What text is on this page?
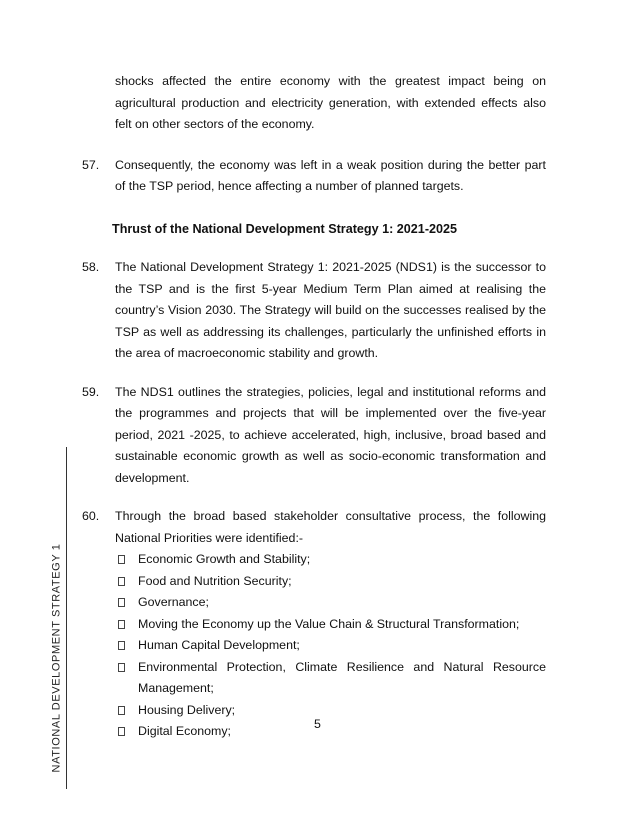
NATIONAL DEVELOPMENT STRATEGY 1

shocks affected the entire economy with the greatest impact being on agricultural production and electricity generation, with extended effects also felt on other sectors of the economy.

57. Consequently, the economy was left in a weak position during the better part of the TSP period, hence affecting a number of planned targets.

Thrust of the National Development Strategy 1: 2021-2025

58. The National Development Strategy 1: 2021-2025 (NDS1) is the successor to the TSP and is the first 5-year Medium Term Plan aimed at realising the country’s Vision 2030. The Strategy will build on the successes realised by the TSP as well as addressing its challenges, particularly the unfinished efforts in the area of macroeconomic stability and growth.

59. The NDS1 outlines the strategies, policies, legal and institutional reforms and the programmes and projects that will be implemented over the five-year period, 2021 -2025, to achieve accelerated, high, inclusive, broad based and sustainable economic growth as well as socio-economic transformation and development.

60. Through the broad based stakeholder consultative process, the following National Priorities were identified:-

Economic Growth and Stability;
Food and Nutrition Security;
Governance;
Moving the Economy up the Value Chain & Structural Transformation;
Human Capital Development;
Environmental Protection, Climate Resilience and Natural Resource Management;
Housing Delivery;
Digital Economy;	5
